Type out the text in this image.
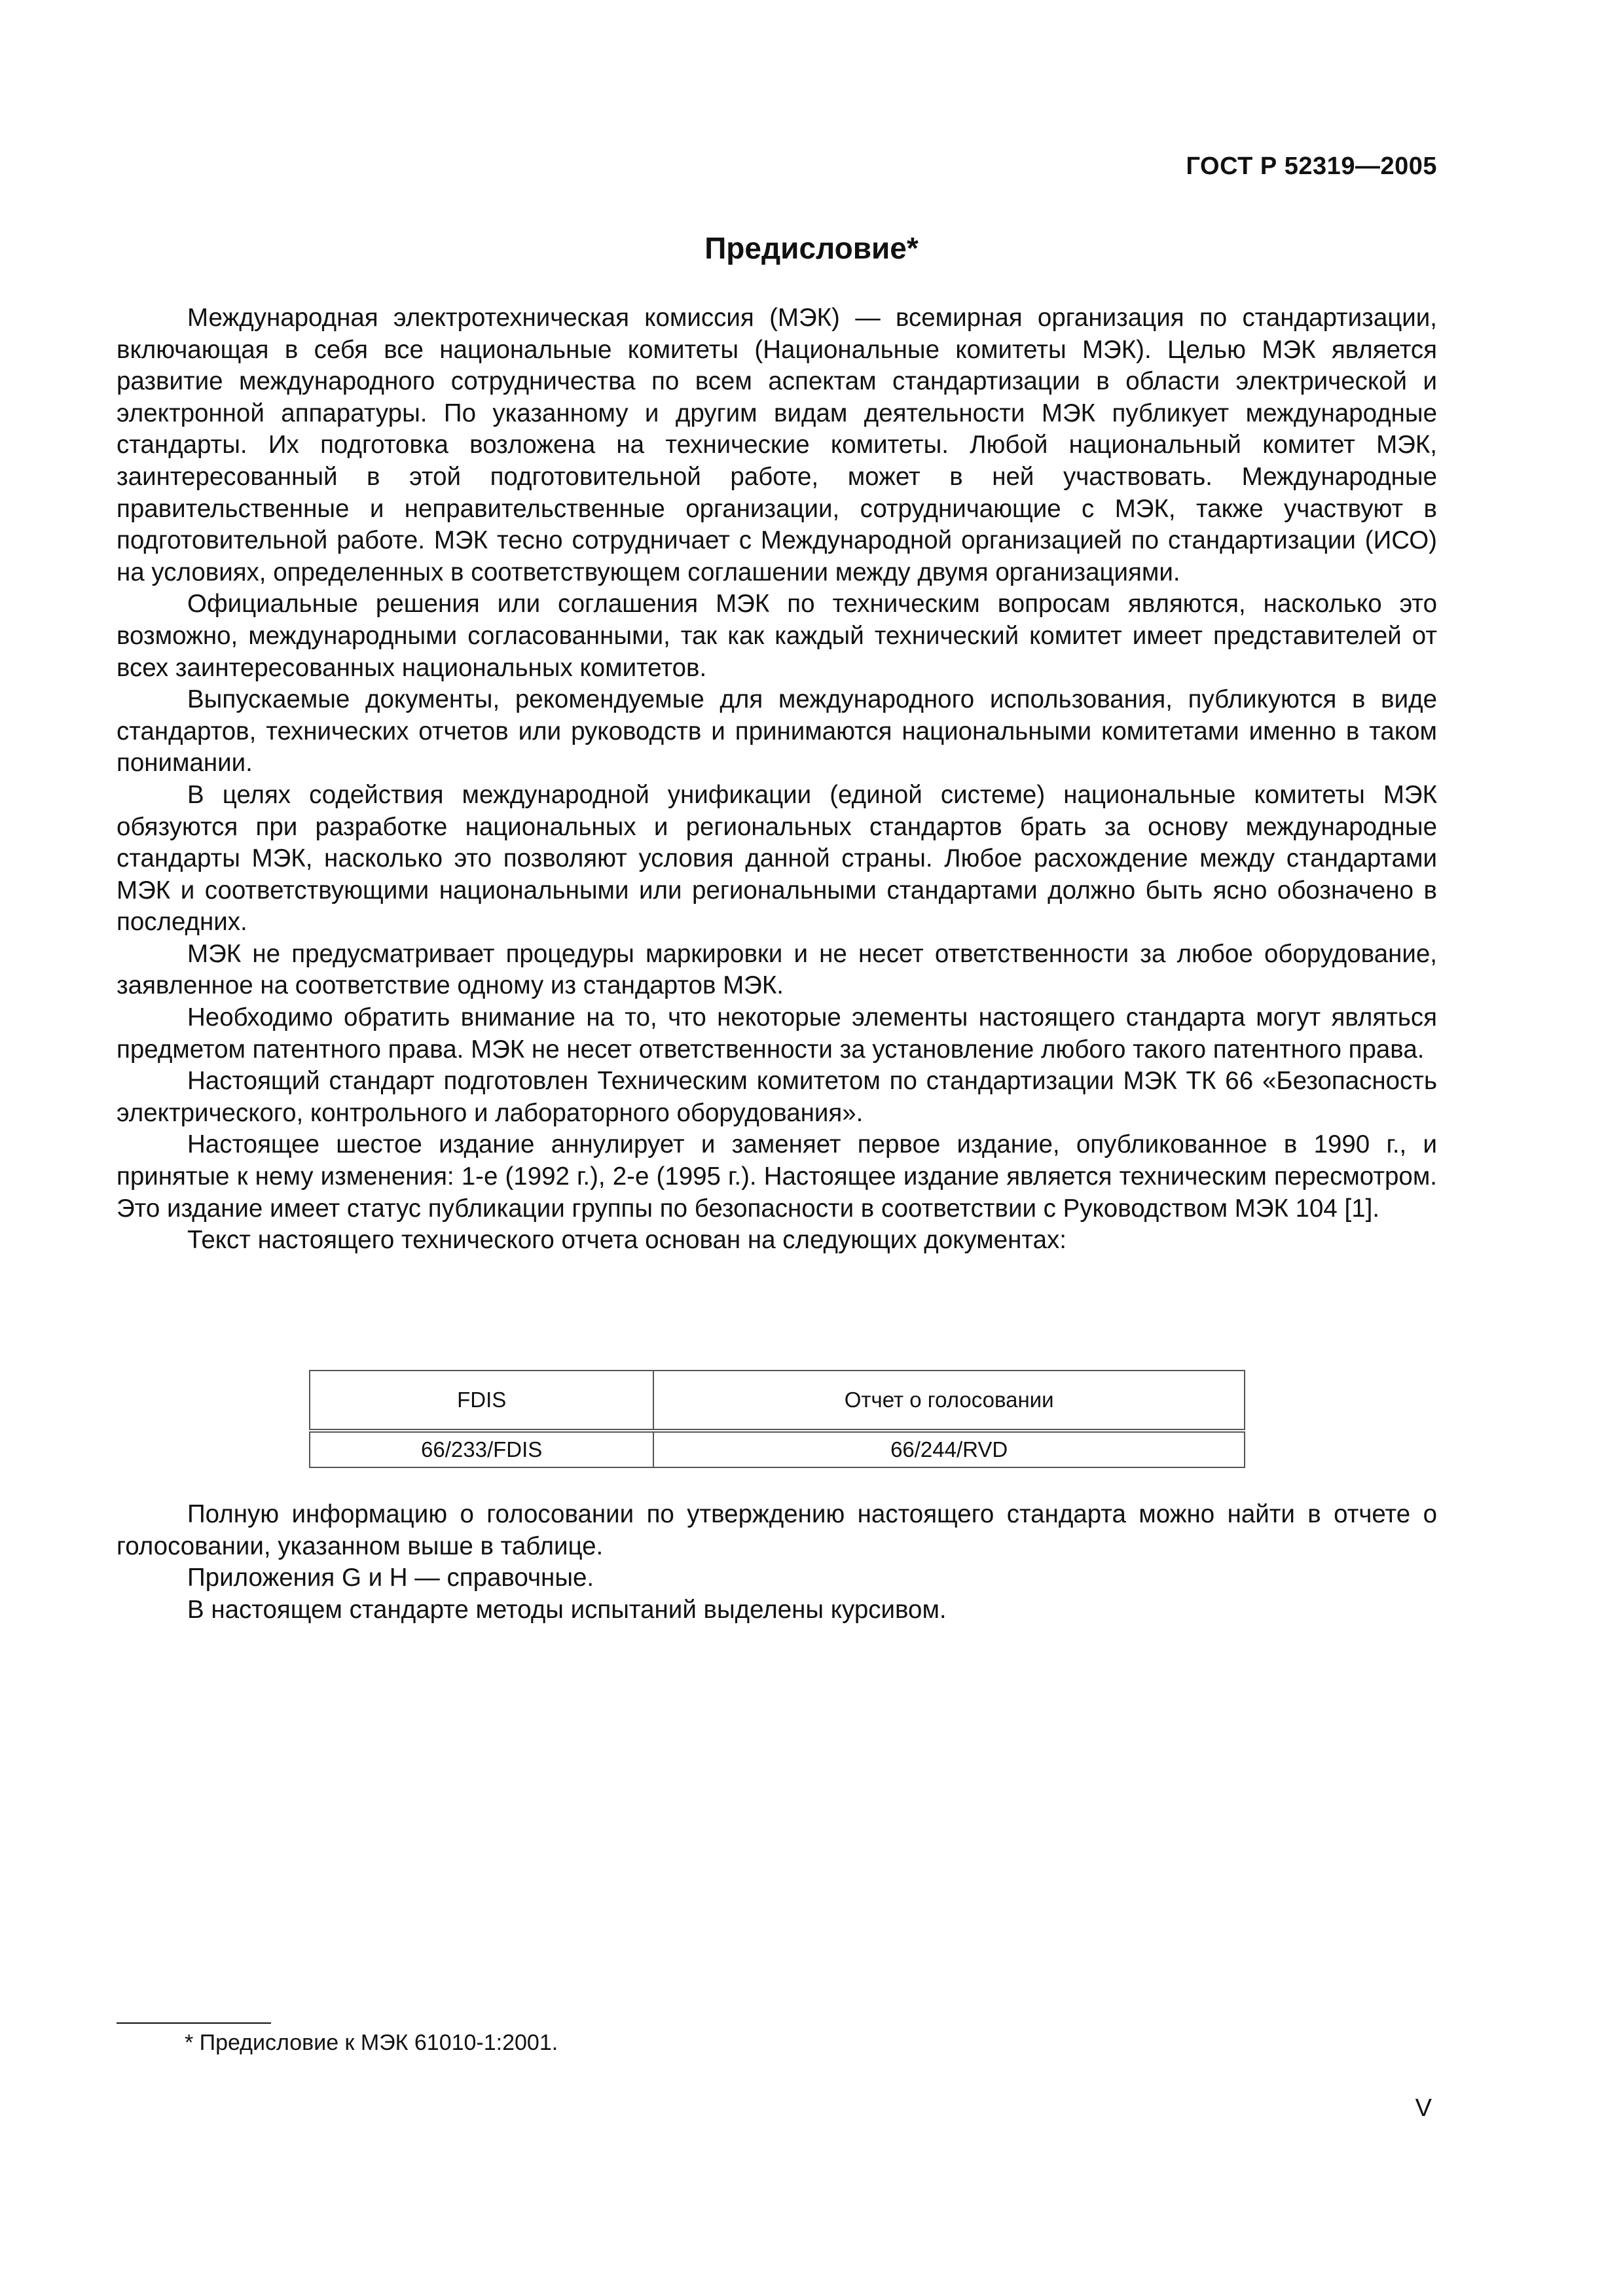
ГОСТ Р 52319—2005
Предисловие*

Международная электротехническая комиссия (МЭК) — всемирная организация по стандартизации, включающая в себя все национальные комитеты (Национальные комитеты МЭК). Целью МЭК является развитие международного сотрудничества по всем аспектам стандартизации в области электрической и электронной аппаратуры. По указанному и другим видам деятельности МЭК публикует международные стандарты. Их подготовка возложена на технические комитеты. Любой национальный комитет МЭК, заинтересованный в этой подготовительной работе, может в ней участвовать. Международные правительственные и неправительственные организации, сотрудничающие с МЭК, также участвуют в подготовительной работе. МЭК тесно сотрудничает с Международной организацией по стандартизации (ИСО) на условиях, определенных в соответствующем соглашении между двумя организациями.

Официальные решения или соглашения МЭК по техническим вопросам являются, насколько это возможно, международными согласованными, так как каждый технический комитет имеет представителей от всех заинтересованных национальных комитетов.

Выпускаемые документы, рекомендуемые для международного использования, публикуются в виде стандартов, технических отчетов или руководств и принимаются национальными комитетами именно в таком понимании.

В целях содействия международной унификации (единой системе) национальные комитеты МЭК обязуются при разработке национальных и региональных стандартов брать за основу международные стандарты МЭК, насколько это позволяют условия данной страны. Любое расхождение между стандартами МЭК и соответствующими национальными или региональными стандартами должно быть ясно обозначено в последних.

МЭК не предусматривает процедуры маркировки и не несет ответственности за любое оборудование, заявленное на соответствие одному из стандартов МЭК.

Необходимо обратить внимание на то, что некоторые элементы настоящего стандарта могут являться предметом патентного права. МЭК не несет ответственности за установление любого такого патентного права.

Настоящий стандарт подготовлен Техническим комитетом по стандартизации МЭК ТК 66 «Безопасность электрического, контрольного и лабораторного оборудования».

Настоящее шестое издание аннулирует и заменяет первое издание, опубликованное в 1990 г., и принятые к нему изменения: 1-е (1992 г.), 2-е (1995 г.). Настоящее издание является техническим пересмотром. Это издание имеет статус публикации группы по безопасности в соответствии с Руководством МЭК 104 [1].

Текст настоящего технического отчета основан на следующих документах:

FDIS	Отчет о голосовании
66/233/FDIS	66/244/RVD

Полную информацию о голосовании по утверждению настоящего стандарта можно найти в отчете о голосовании, указанном выше в таблице.

Приложения G и H — справочные.

В настоящем стандарте методы испытаний выделены курсивом.

* Предисловие к МЭК 61010-1:2001.
V
